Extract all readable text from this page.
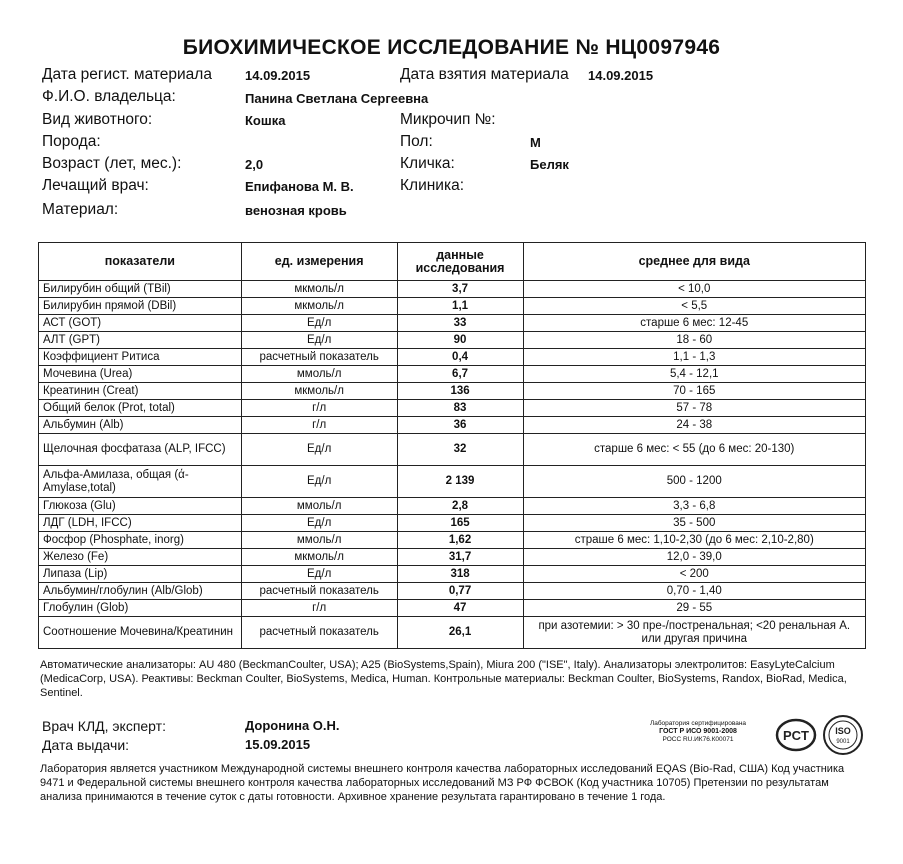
БИОХИМИЧЕСКОЕ ИССЛЕДОВАНИЕ № НЦ0097946
Дата регист. материала	14.09.2015	Дата взятия материала 14.09.2015
Ф.И.О. владельца:	Панина Светлана Сергеевна
Вид животного:	Кошка	Микрочип №:
Порода:	Пол:	М
Возраст (лет, мес.):	2,0	Кличка:	Беляк
Лечащий врач:	Епифанова М. В.	Клиника:
Материал:	венозная кровь
показатели	ед. измерения	данные исследования	среднее для вида
Билирубин общий (TBil)	мкмоль/л	3,7	< 10,0
Билирубин прямой (DBil)	мкмоль/л	1,1	< 5,5
АСТ (GOT)	Ед/л	33	старше 6 мес: 12-45
АЛТ (GPT)	Ед/л	90	18 - 60
Коэффициент Ритиса	расчетный показатель	0,4	1,1 - 1,3
Мочевина (Urea)	ммоль/л	6,7	5,4 - 12,1
Креатинин (Creat)	мкмоль/л	136	70 - 165
Общий белок (Prot, total)	г/л	83	57 - 78
Альбумин (Alb)	г/л	36	24 - 38
Щелочная фосфатаза (ALP, IFCC)	Ед/л	32	старше 6 мес: < 55 (до 6 мес: 20-130)
Альфа-Амилаза, общая (ά-Amylase,total)	Ед/л	2 139	500 - 1200
Глюкоза (Glu)	ммоль/л	2,8	3,3 - 6,8
ЛДГ (LDH, IFCC)	Ед/л	165	35 - 500
Фосфор (Phosphate, inorg)	ммоль/л	1,62	страше 6 мес: 1,10-2,30 (до 6 мес: 2,10-2,80)
Железо (Fe)	мкмоль/л	31,7	12,0 - 39,0
Липаза (Lip)	Ед/л	318	< 200
Альбумин/глобулин (Alb/Glob)	расчетный показатель	0,77	0,70 - 1,40
Глобулин (Glob)	г/л	47	29 - 55
Соотношение Мочевина/Креатинин	расчетный показатель	26,1	при азотемии: > 30 пре-/постренальная; <20 ренальная А. или другая причина
Автоматические анализаторы: AU 480 (BeckmanCoulter, USA); A25 (BioSystems,Spain), Miura 200 ("ISE", Italy). Анализаторы электролитов: EasyLyteCalcium (MedicaCorp, USA). Реактивы: Beckman Coulter, BioSystems, Medica, Human. Контрольные материалы: Beckman Coulter, BioSystems, Randox, BioRad, Medica, Sentinel.
Врач КЛД, эксперт:	Доронина О.Н.
Дата выдачи:	15.09.2015
Лаборатория сертифицирована
ГОСТ Р ИСО 9001-2008
РОСС RU.ИК76.К00071	PCT	ISO
9001
Лаборатория является участником Международной системы внешнего контроля качества лабораторных исследований EQAS (Bio-Rad, США) Код участника 9471 и Федеральной системы внешнего контроля качества лабораторных исследований МЗ РФ ФСВОК (Код участника 10705) Претензии по результатам анализа принимаются в течение суток с даты готовности. Архивное хранение результата гарантировано в течение 1 года.
